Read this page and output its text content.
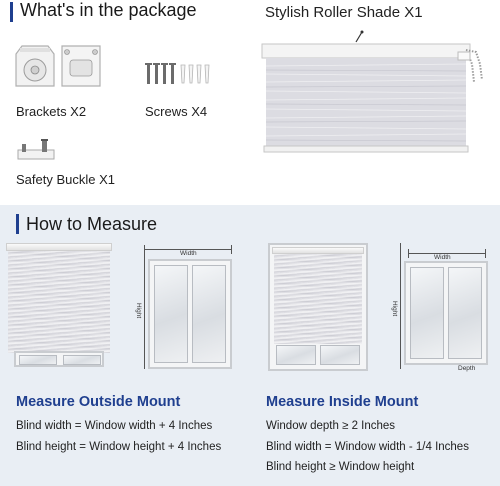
What's in the package
Brackets X2	Screws X4
Safety Buckle X1
Stylish Roller Shade X1
How to Measure
Width
Hight
Width
Hight
Depth
Measure Outside Mount
Blind width = Window width + 4 Inches
Blind height = Window height + 4 Inches
Measure Inside Mount
Window depth ≥ 2 Inches
Blind width = Window width - 1/4 Inches
Blind height ≥ Window height
